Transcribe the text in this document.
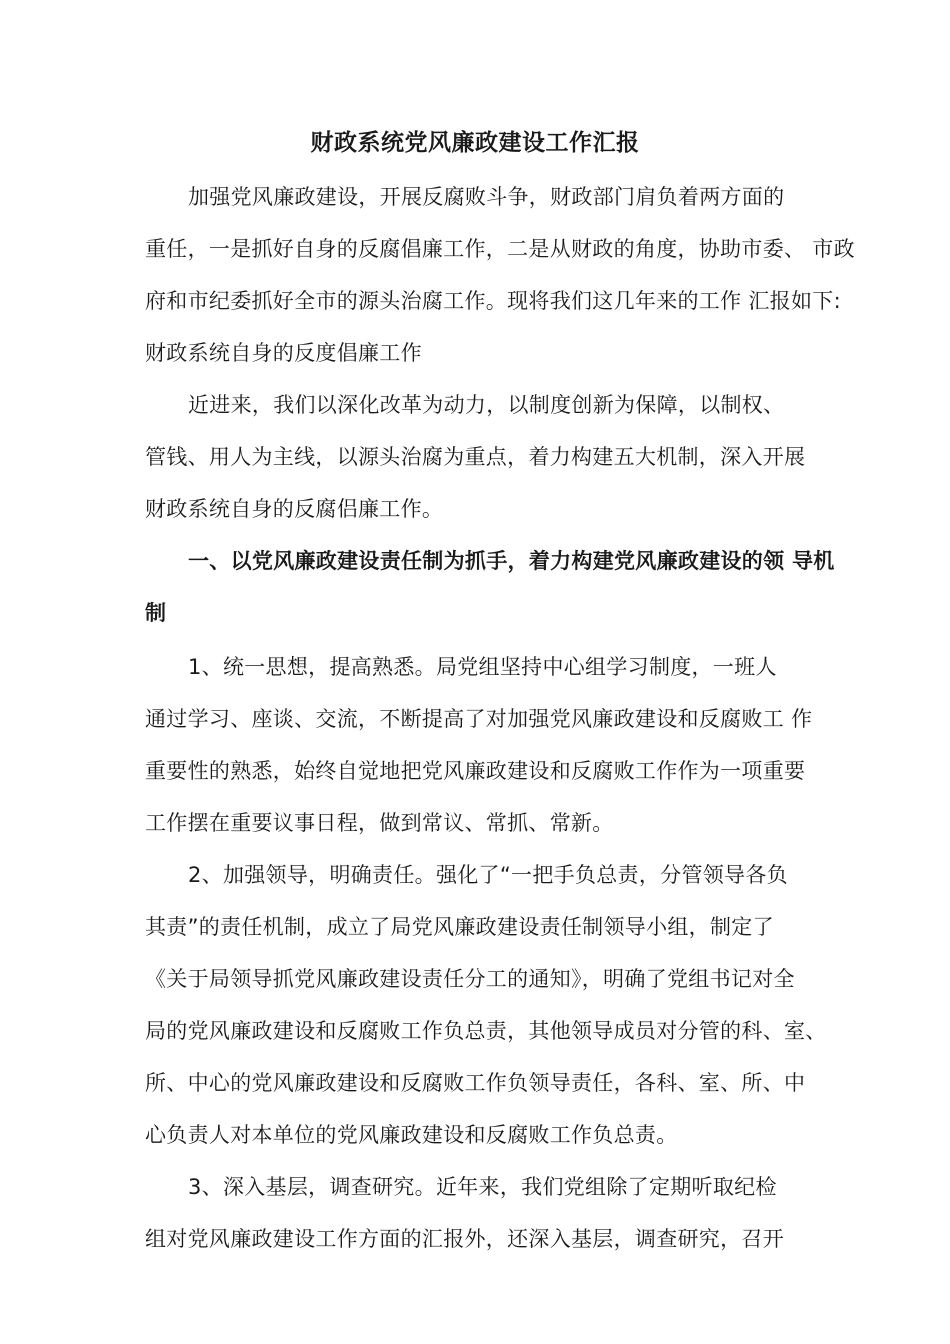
财政系统党风廉政建设工作汇报
加强党风廉政建设，开展反腐败斗争，财政部门肩负着两方面的
重任，一是抓好自身的反腐倡廉工作，二是从财政的角度，协助市委、 市政
府和市纪委抓好全市的源头治腐工作。现将我们这几年来的工作 汇报如下:
财政系统自身的反度倡廉工作
近进来，我们以深化改革为动力，以制度创新为保障，以制权、
管钱、用人为主线，以源头治腐为重点，着力构建五大机制，深入开展
财政系统自身的反腐侣廉工作。
一、以党风廉政建设责任制为抓手，着力构建党风廉政建设的领 导机
制
1、统一思想，提高熟悉。局党组坚持中心组学习制度，一班人
通过学习、座谈、交流，不断提高了对加强党风廉政建设和反腐败工 作
重要性的熟悉，始终自觉地把党风廉政建设和反腐败工作作为一项重要
工作摆在重要议事日程，做到常议、常抓、常新。
2、加强领导，明确责任。强化了“一把手负总责，分管领导各负
其责”的责任机制，成立了局党风廉政建设责任制领导小组，制定了
《关于局领导抓党风廉政建设责任分工的通知》，明确了党组书记对全
局的党风廉政建设和反腐败工作负总责，其他领导成员对分管的科、室、
所、中心的党风廉政建设和反腐败工作负领导责任，各科、室、所、中
心负责人对本单位的党风廉政建设和反腐败工作负总责。
3、深入基层，调查研究。近年来，我们党组除了定期听取纪检
组对党风廉政建设工作方面的汇报外，还深入基层，调查研究，召开
